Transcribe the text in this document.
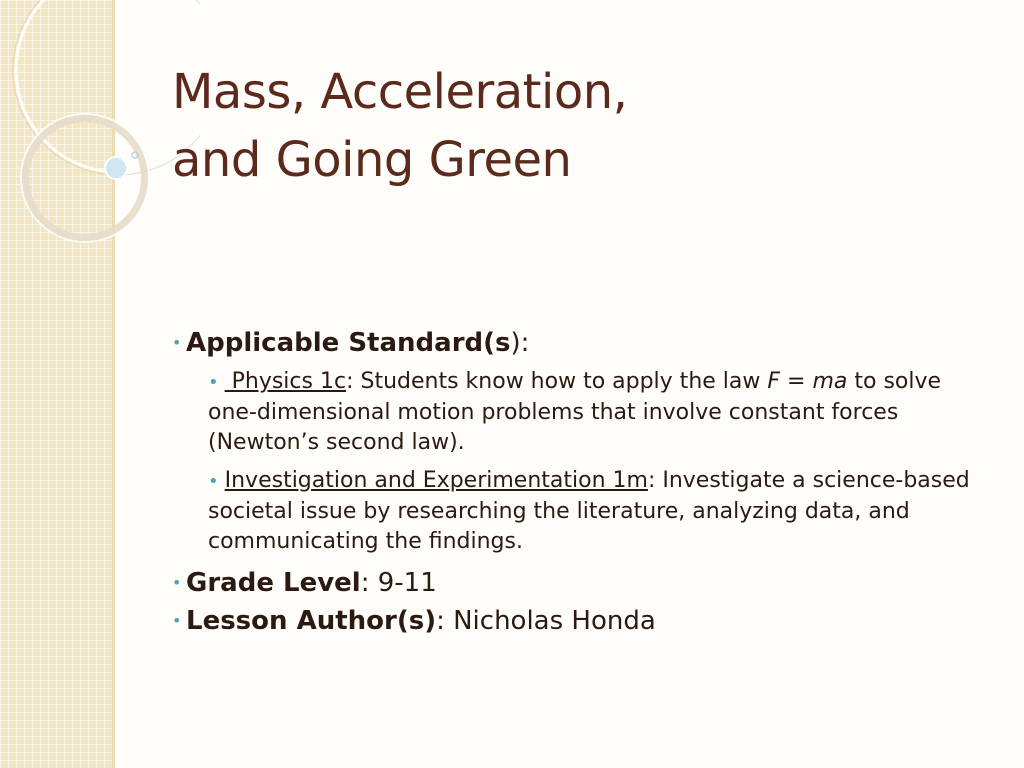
Mass, Acceleration,
and Going Green
• Applicable Standard(s):
• Physics 1c: Students know how to apply the law F = ma to solve one-dimensional motion problems that involve constant forces (Newton’s second law).
• Investigation and Experimentation 1m: Investigate a science-based societal issue by researching the literature, analyzing data, and communicating the findings.
• Grade Level: 9-11
• Lesson Author(s): Nicholas Honda
